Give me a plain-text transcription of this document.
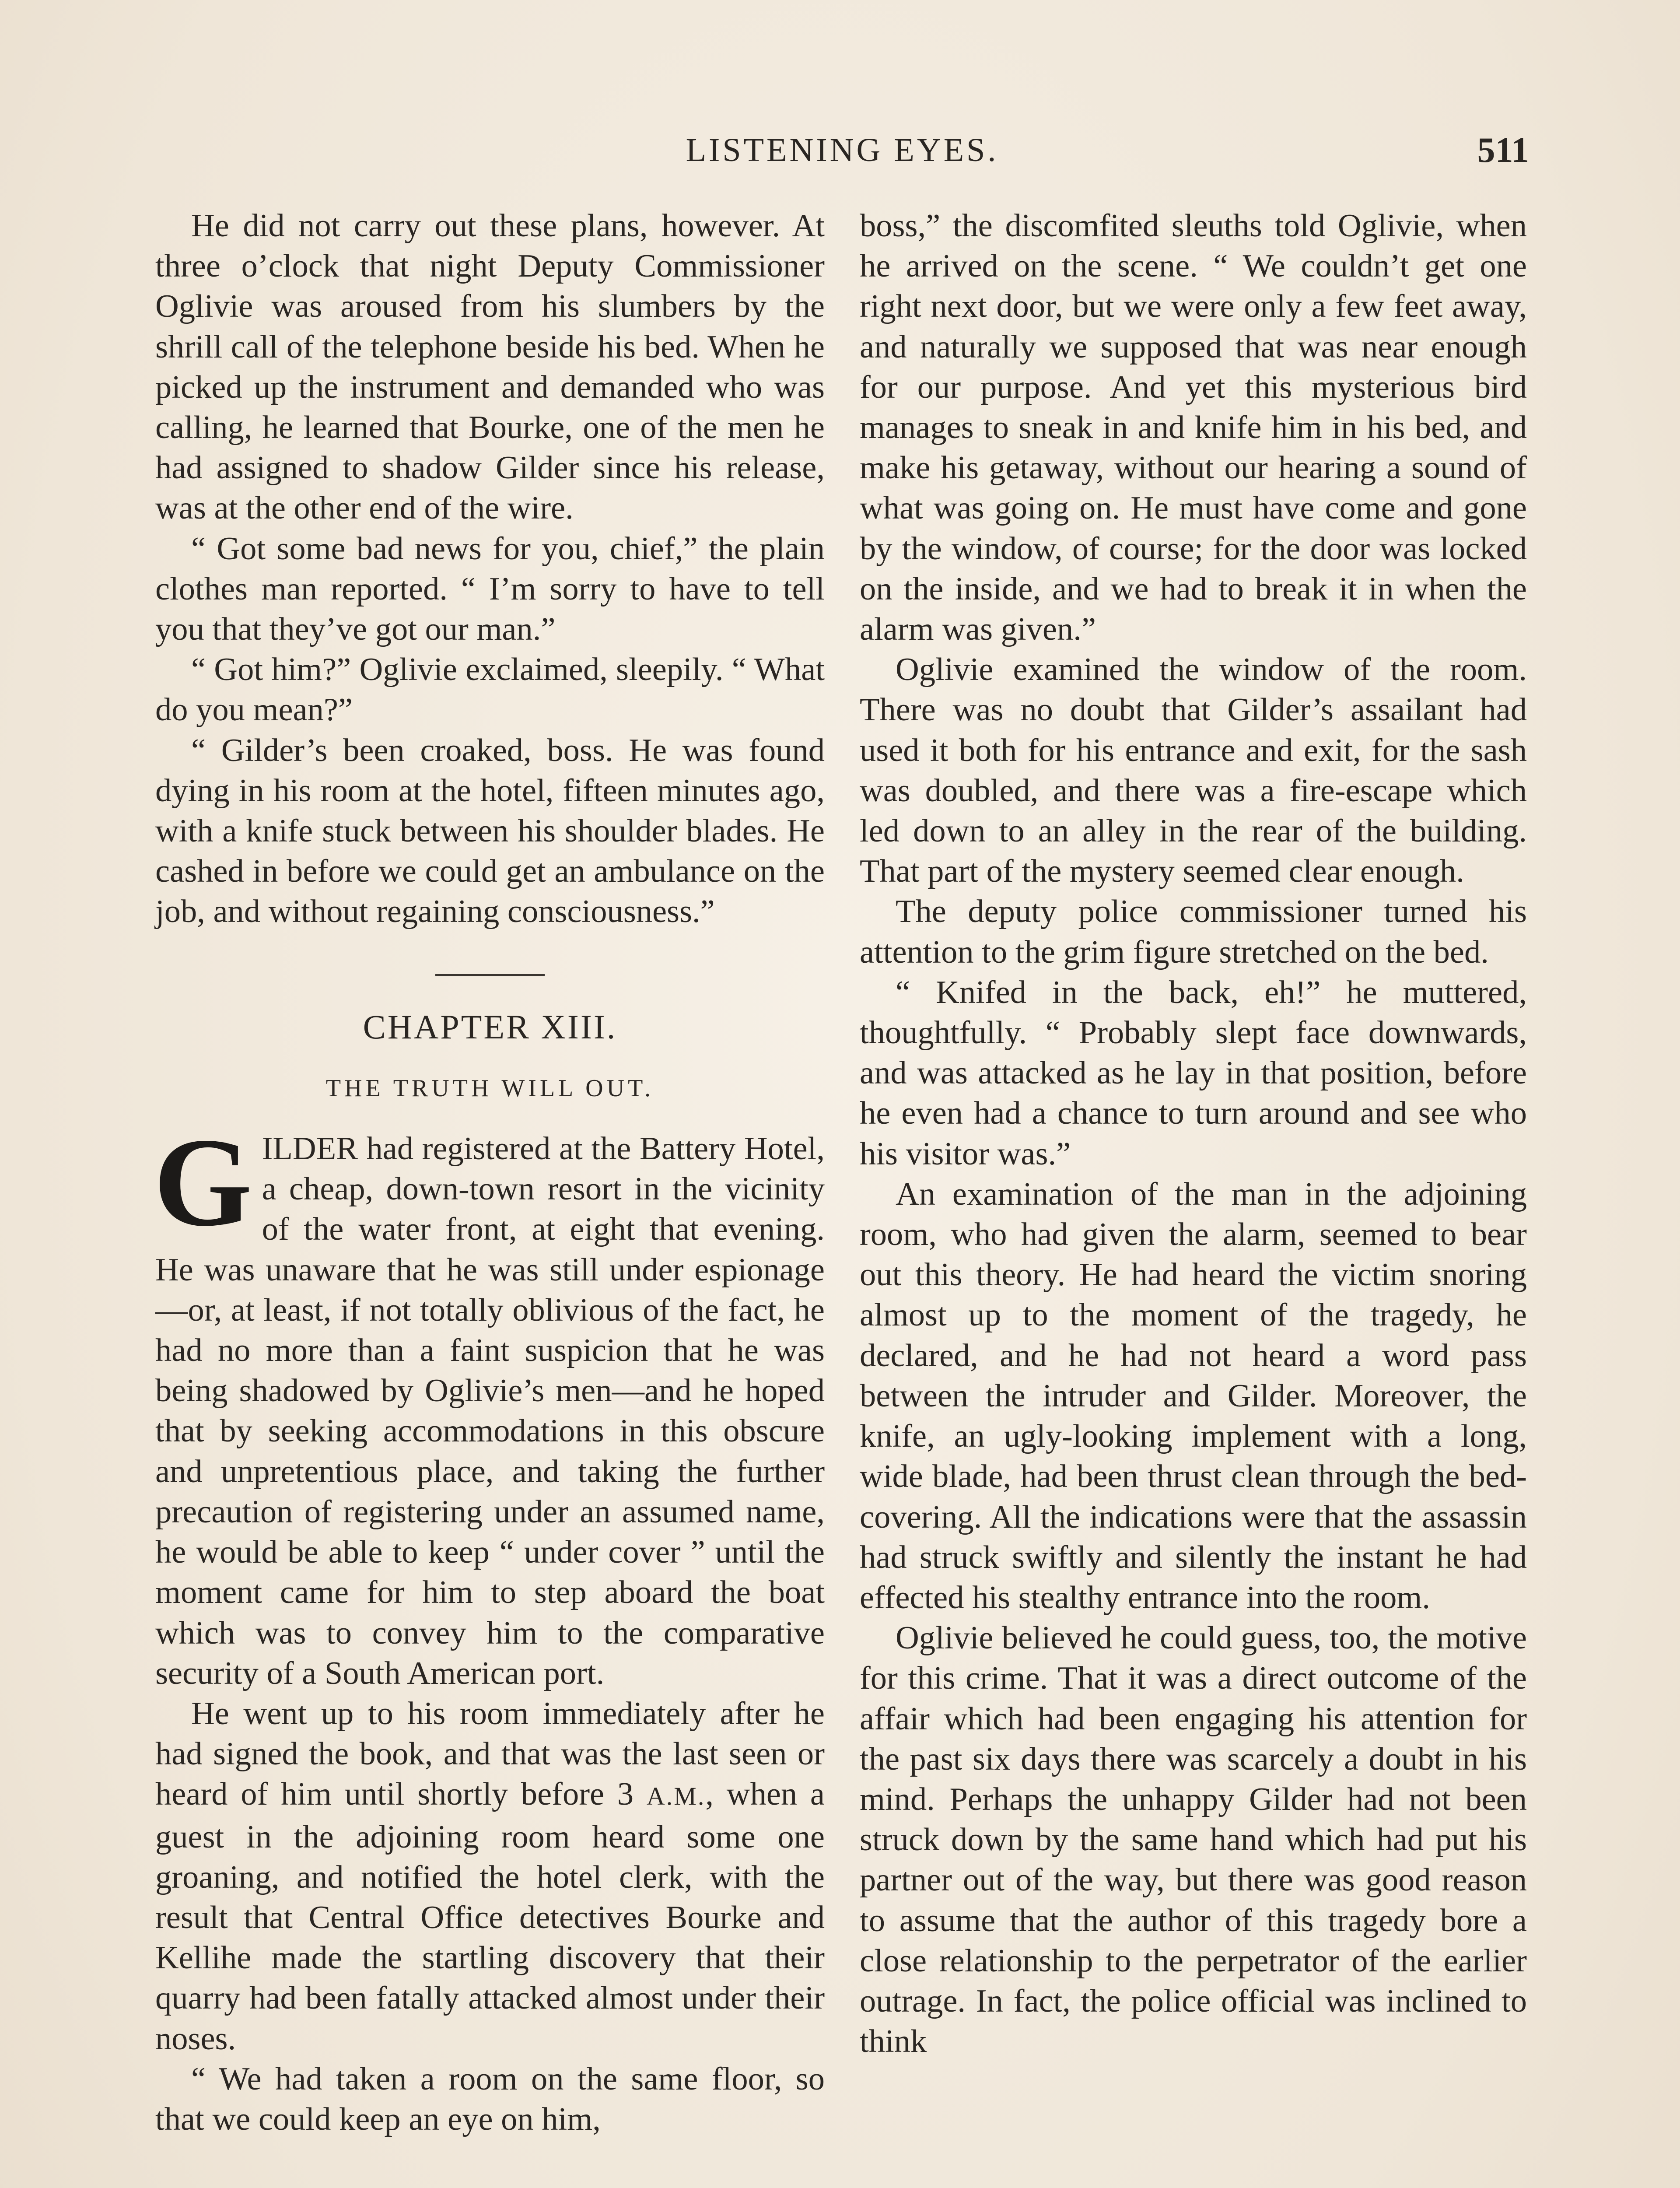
LISTENING EYES.	511

He did not carry out these plans, however. At three o’clock that night Deputy Commissioner Oglivie was aroused from his slumbers by the shrill call of the telephone beside his bed. When he picked up the instrument and demanded who was calling, he learned that Bourke, one of the men he had assigned to shadow Gilder since his release, was at the other end of the wire.

“ Got some bad news for you, chief,” the plain clothes man reported. “ I’m sorry to have to tell you that they’ve got our man.”

“ Got him?” Oglivie exclaimed, sleepily. “ What do you mean?”

“ Gilder’s been croaked, boss. He was found dying in his room at the hotel, fifteen minutes ago, with a knife stuck between his shoulder blades. He cashed in before we could get an ambulance on the job, and without regaining consciousness.”

CHAPTER XIII.
THE TRUTH WILL OUT.

GILDER had registered at the Battery Hotel, a cheap, down-town resort in the vicinity of the water front, at eight that evening. He was unaware that he was still under espionage—or, at least, if not totally oblivious of the fact, he had no more than a faint suspicion that he was being shadowed by Oglivie’s men—and he hoped that by seeking accommodations in this obscure and unpretentious place, and taking the further precaution of registering under an assumed name, he would be able to keep “ under cover ” until the moment came for him to step aboard the boat which was to convey him to the comparative security of a South American port.

He went up to his room immediately after he had signed the book, and that was the last seen or heard of him until shortly before 3 A.M., when a guest in the adjoining room heard some one groaning, and notified the hotel clerk, with the result that Central Office detectives Bourke and Kellihe made the startling discovery that their quarry had been fatally attacked almost under their noses.

“ We had taken a room on the same floor, so that we could keep an eye on him,

boss,” the discomfited sleuths told Oglivie, when he arrived on the scene. “ We couldn’t get one right next door, but we were only a few feet away, and naturally we supposed that was near enough for our purpose. And yet this mysterious bird manages to sneak in and knife him in his bed, and make his getaway, without our hearing a sound of what was going on. He must have come and gone by the window, of course; for the door was locked on the inside, and we had to break it in when the alarm was given.”

Oglivie examined the window of the room. There was no doubt that Gilder’s assailant had used it both for his entrance and exit, for the sash was doubled, and there was a fire-escape which led down to an alley in the rear of the building. That part of the mystery seemed clear enough.

The deputy police commissioner turned his attention to the grim figure stretched on the bed.

“ Knifed in the back, eh!” he muttered, thoughtfully. “ Probably slept face downwards, and was attacked as he lay in that position, before he even had a chance to turn around and see who his visitor was.”

An examination of the man in the adjoining room, who had given the alarm, seemed to bear out this theory. He had heard the victim snoring almost up to the moment of the tragedy, he declared, and he had not heard a word pass between the intruder and Gilder. Moreover, the knife, an ugly-looking implement with a long, wide blade, had been thrust clean through the bed-covering. All the indications were that the assassin had struck swiftly and silently the instant he had effected his stealthy entrance into the room.

Oglivie believed he could guess, too, the motive for this crime. That it was a direct outcome of the affair which had been engaging his attention for the past six days there was scarcely a doubt in his mind. Perhaps the unhappy Gilder had not been struck down by the same hand which had put his partner out of the way, but there was good reason to assume that the author of this tragedy bore a close relationship to the perpetrator of the earlier outrage. In fact, the police official was inclined to think
